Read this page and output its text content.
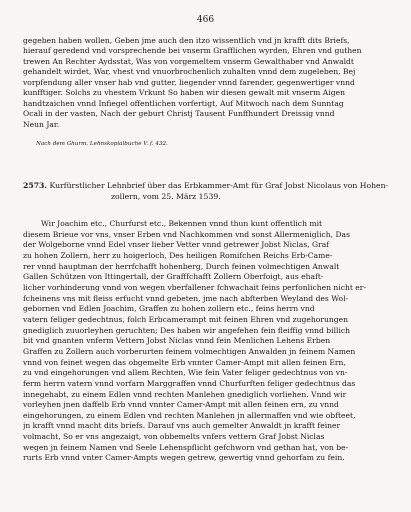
466
gegeben haben wollen, Geben jme auch den itzo wissentlich vnd jn krafft dits Briefs,
hierauf geredend vnd vorsprechende bei vnserm Grafflichen wyrden, Ehren vnd guthen
trewen An Rechter Aydsstat, Was von vorgemeltem vnserm Gewalthaber vnd Anwaldt
gehandelt wirdet, War, vhest vnd vnuorbrochenlich zuhalten vnnd dem zugeleben, Bej
vorpfendung aller vnser hab vnd gutter, liegender vnnd farender, gegenwertiger vnnd
kunfftiger. Solchs zu vhestem Vrkunt So haben wir diesen gewalt mit vnserm Aigen
handtzaichen vnnd Infiegel offentlichen vorfertigt, Auf Mitwoch nach dem Sunntag
Ocali in der vasten, Nach der geburt Christj Tausent Funffhundert Dreissig vnnd
Neun Jar.
Nach dem Ghurm. Lehnskopialbuche V. f. 432.
2573. Kurfürstlicher Lehnbrief über das Erbkammer-Amt für Graf Jobst Nicolaus von Hohen-
zollern, vom 25. März 1539.
Wir Joachim etc., Churfurst etc., Bekennen vnnd thun kunt offentlich mit
diesem Brieue vor vns, vnser Erben vnd Nachkommen vnd sonst Allermeniglich, Das
der Wolgeborne vnnd Edel vnser lieber Vetter vnnd getrewer Jobst Niclas, Graf
zu hohen Zollern, herr zu hoigerloch, Des heiligen Romifchen Reichs Erb-Came-
rer vnnd hauptman der herrfchafft hohenberg, Durch feinen volmechtigen Anwalt
Gallen Schützen von Ittingertall, der Grafffchafft Zollern Oberfoigt, aus ehaft-
licher vorhinderung vnnd von wegen vberfallener fchwachait feins perfonlichen nicht er-
fcheinens vns mit fleiss erfucht vnnd gebeten, jme nach abfterben Weyland des Wol-
gebornen vnd Edlen Joachim, Graffen zu hohen zollern etc., feins herrn vnd
vatern feliger gedechtnus, folch Erbcamerampt mit feinen Ehren vnd zugehorungen
gnediglich zuuorleyhen geruchten; Des haben wir angefehen fein fleiffig vnnd billich
bit vnd gnanten vnferm Vettern Jobst Niclas vnnd fein Menlichen Lehens Erben
Graffen zu Zollern auch vorberurten feinem volmechtigen Anwalden jn feinem Namen
vnnd von feinet wegen das obgemelte Erb vnnter Camer-Ampt mit allen feinen Ern,
zu vnd eingehorungen vnd allem Rechten, Wie fein Vater feliger gedechtnus von vn-
ferm herrn vatern vnnd vorfarn Marggraffen vnnd Churfurften feliger gedechtnus das
innegehabt, zu einem Edlen vnnd rechten Manlehen gnediglich vorliehen. Vnnd wir
vorleyhen jnen daffelb Erb vnnd vnnter Camer-Ampt mit allen feinen ern, zu vnnd
eingehorungen, zu einem Edlen vnd rechten Manlehen jn allermaffen vnd wie obfteet,
jn krafft vnnd macht dits briefs. Darauf vns auch gemelter Anwaldt jn krafft feiner
volmacht, So er vns angezaigt, von obbemelts vnfers vettern Graf Jobst Niclas
wegen jn feinem Namen vnd Seele Lehenspflicht gefchworn vnd gethan hat, von be-
rurts Erb vnnd vnter Camer-Ampts wegen getrew, gewertig vnnd gehorfam zu fein.
